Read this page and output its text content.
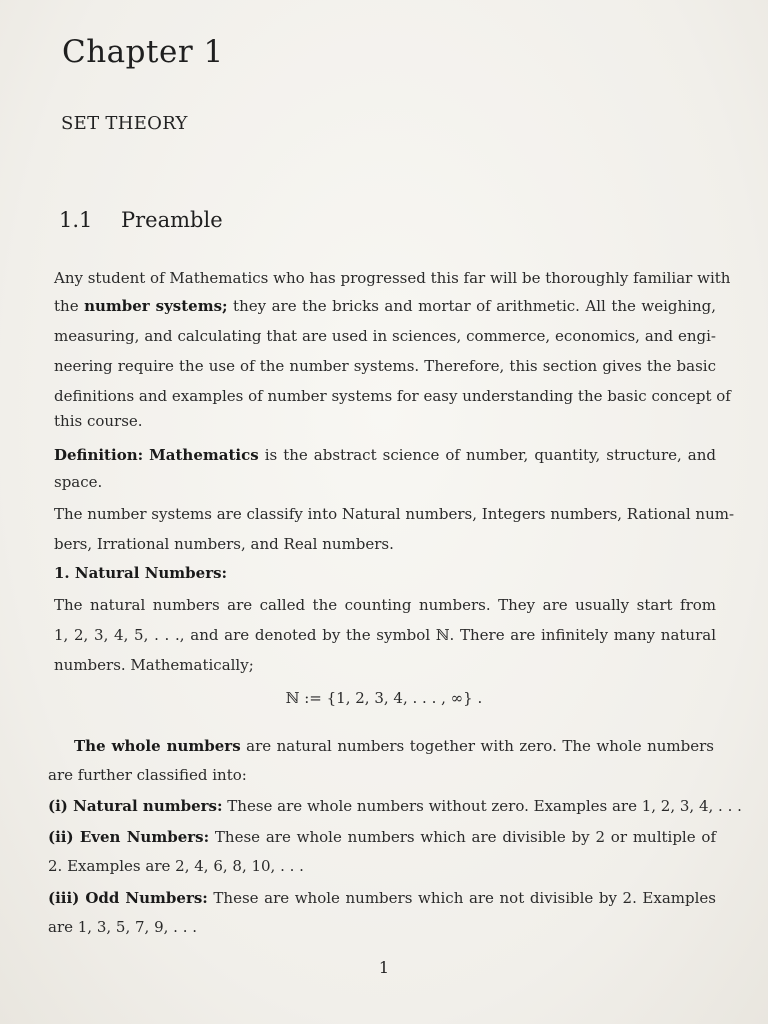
Chapter 1
SET THEORY
1.1 Preamble
Any student of Mathematics who has progressed this far will be thoroughly familiar with
the number systems; they are the bricks and mortar of arithmetic. All the weighing,
measuring, and calculating that are used in sciences, commerce, economics, and engi-
neering require the use of the number systems. Therefore, this section gives the basic
definitions and examples of number systems for easy understanding the basic concept of
this course.
Definition: Mathematics is the abstract science of number, quantity, structure, and
space.
The number systems are classify into Natural numbers, Integers numbers, Rational num-
bers, Irrational numbers, and Real numbers.
1. Natural Numbers:
The natural numbers are called the counting numbers. They are usually start from
1, 2, 3, 4, 5, . . ., and are denoted by the symbol ℕ. There are infinitely many natural
numbers. Mathematically;
ℕ := {1, 2, 3, 4, . . . , ∞} .
The whole numbers are natural numbers together with zero. The whole numbers
are further classified into:
(i) Natural numbers: These are whole numbers without zero. Examples are 1, 2, 3, 4, . . .
(ii) Even Numbers: These are whole numbers which are divisible by 2 or multiple of
2. Examples are 2, 4, 6, 8, 10, . . .
(iii) Odd Numbers: These are whole numbers which are not divisible by 2. Examples
are 1, 3, 5, 7, 9, . . .
1
